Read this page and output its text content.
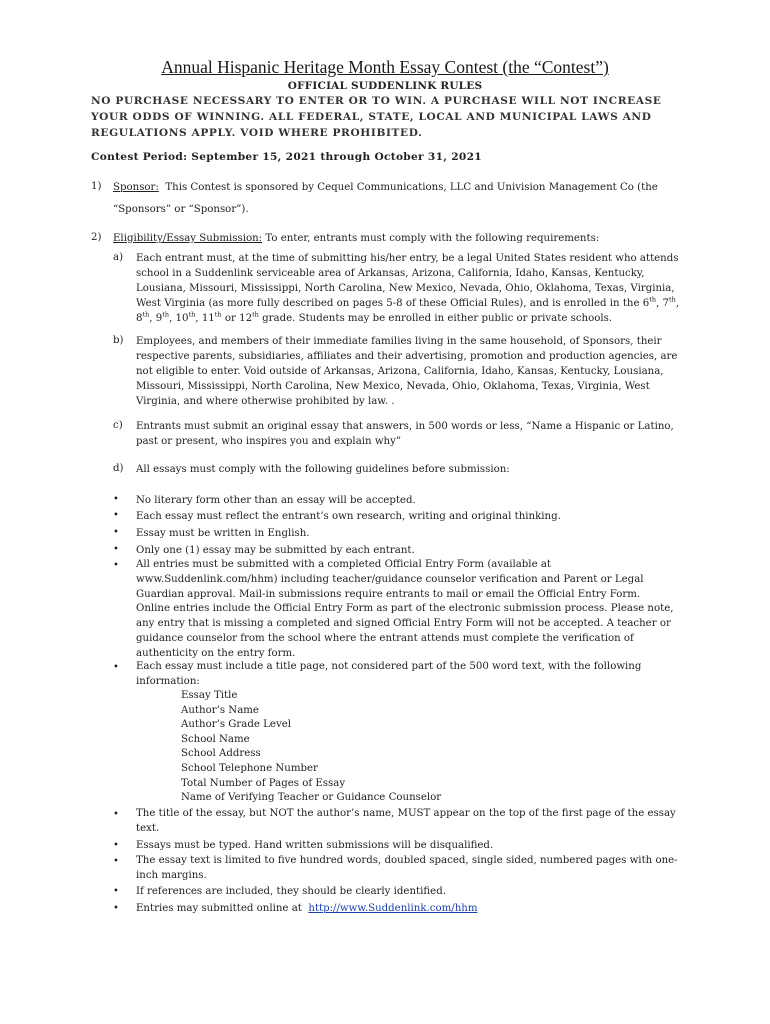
Annual Hispanic Heritage Month Essay Contest (the “Contest”)
OFFICIAL SUDDENLINK RULES
NO PURCHASE NECESSARY TO ENTER OR TO WIN. A PURCHASE WILL NOT INCREASE YOUR ODDS OF WINNING. ALL FEDERAL, STATE, LOCAL AND MUNICIPAL LAWS AND REGULATIONS APPLY. VOID WHERE PROHIBITED.
Contest Period: September 15, 2021 through October 31, 2021
1) Sponsor: This Contest is sponsored by Cequel Communications, LLC and Univision Management Co (the
“Sponsors” or “Sponsor”).
2) Eligibility/Essay Submission: To enter, entrants must comply with the following requirements:
a) Each entrant must, at the time of submitting his/her entry, be a legal United States resident who attends
school in a Suddenlink serviceable area of Arkansas, Arizona, California, Idaho, Kansas, Kentucky,
Lousiana, Missouri, Mississippi, North Carolina, New Mexico, Nevada, Ohio, Oklahoma, Texas, Virginia,
West Virginia (as more fully described on pages 5-8 of these Official Rules), and is enrolled in the 6th, 7th,
8th, 9th, 10th, 11th or 12th grade. Students may be enrolled in either public or private schools.
b) Employees, and members of their immediate families living in the same household, of Sponsors, their
respective parents, subsidiaries, affiliates and their advertising, promotion and production agencies, are
not eligible to enter. Void outside of Arkansas, Arizona, California, Idaho, Kansas, Kentucky, Lousiana,
Missouri, Mississippi, North Carolina, New Mexico, Nevada, Ohio, Oklahoma, Texas, Virginia, West
Virginia, and where otherwise prohibited by law. .
c) Entrants must submit an original essay that answers, in 500 words or less, “Name a Hispanic or Latino,
past or present, who inspires you and explain why”
d) All essays must comply with the following guidelines before submission:
• No literary form other than an essay will be accepted.
• Each essay must reflect the entrant’s own research, writing and original thinking.
• Essay must be written in English.
• Only one (1) essay may be submitted by each entrant.
• All entries must be submitted with a completed Official Entry Form (available at
www.Suddenlink.com/hhm) including teacher/guidance counselor verification and Parent or Legal
Guardian approval. Mail-in submissions require entrants to mail or email the Official Entry Form.
Online entries include the Official Entry Form as part of the electronic submission process. Please note,
any entry that is missing a completed and signed Official Entry Form will not be accepted. A teacher or
guidance counselor from the school where the entrant attends must complete the verification of
authenticity on the entry form.
• Each essay must include a title page, not considered part of the 500 word text, with the following
information:
Essay Title
Author’s Name
Author’s Grade Level
School Name
School Address
School Telephone Number
Total Number of Pages of Essay
Name of Verifying Teacher or Guidance Counselor
• The title of the essay, but NOT the author’s name, MUST appear on the top of the first page of the essay
text.
• Essays must be typed. Hand written submissions will be disqualified.
• The essay text is limited to five hundred words, doubled spaced, single sided, numbered pages with one-
inch margins.
• If references are included, they should be clearly identified.
• Entries may submitted online at http://www.Suddenlink.com/hhm
